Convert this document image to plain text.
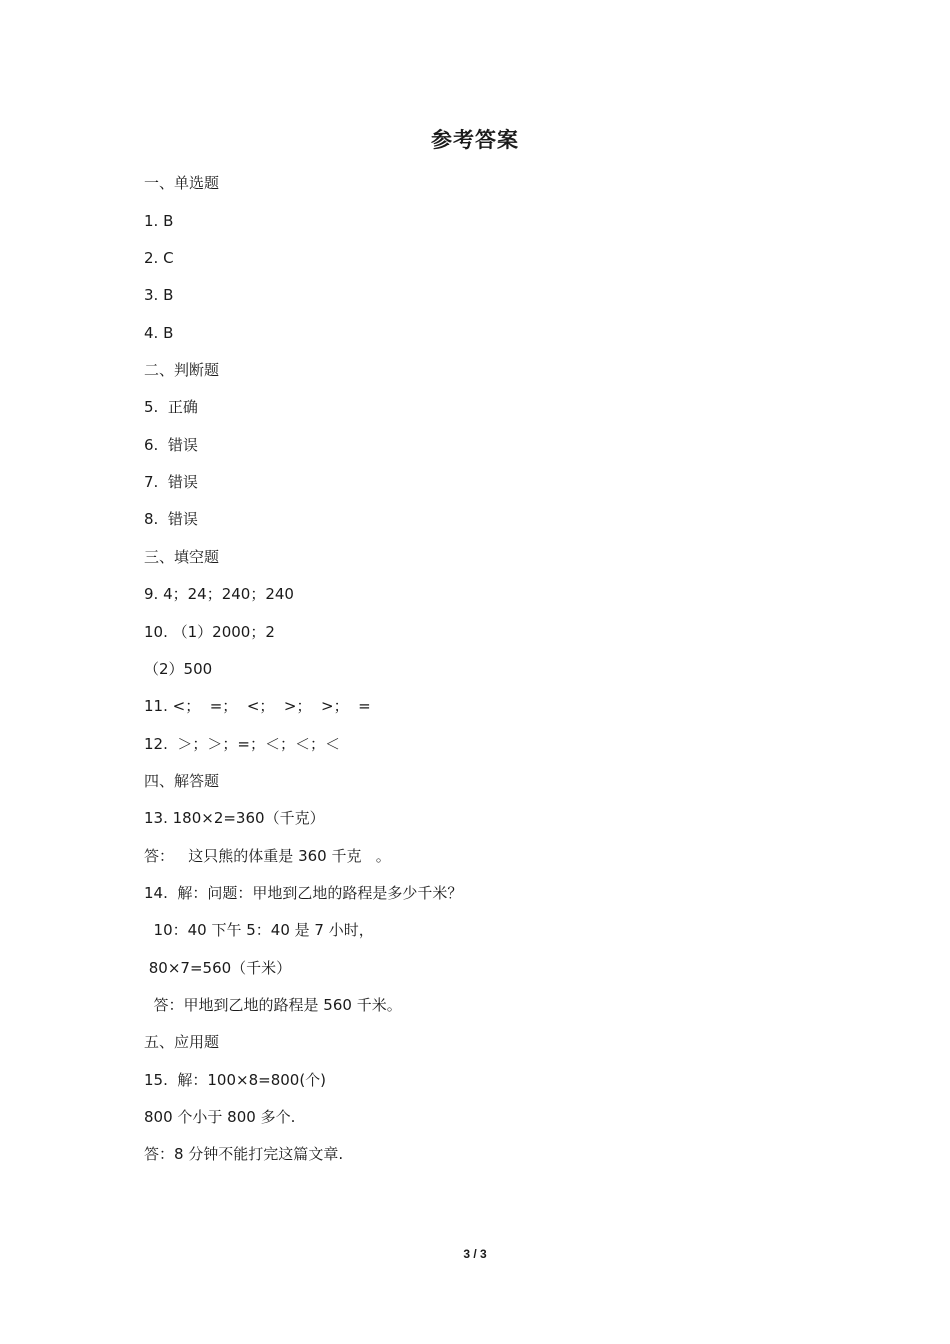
参考答案
一、单选题
1. B
2. C
3. B
4. B
二、判断题
5.  正确
6.  错误
7.  错误
8.  错误
三、填空题
9. 4；24；240；240
10. （1）2000；2
（2）500
11. <；  =；  <；  >；  >；  =
12.  ＞；＞；=；＜；＜；＜
四、解答题
13. 180×2=360（千克）
答：   这只熊的体重是 360 千克   。
14.  解：问题：甲地到乙地的路程是多少千米？
10：40 下午 5：40 是 7 小时，
80×7=560（千米）
答：甲地到乙地的路程是 560 千米。
五、应用题
15.  解：100×8=800(个)
800 个小于 800 多个.
答：8 分钟不能打完这篇文章.
3 / 3
